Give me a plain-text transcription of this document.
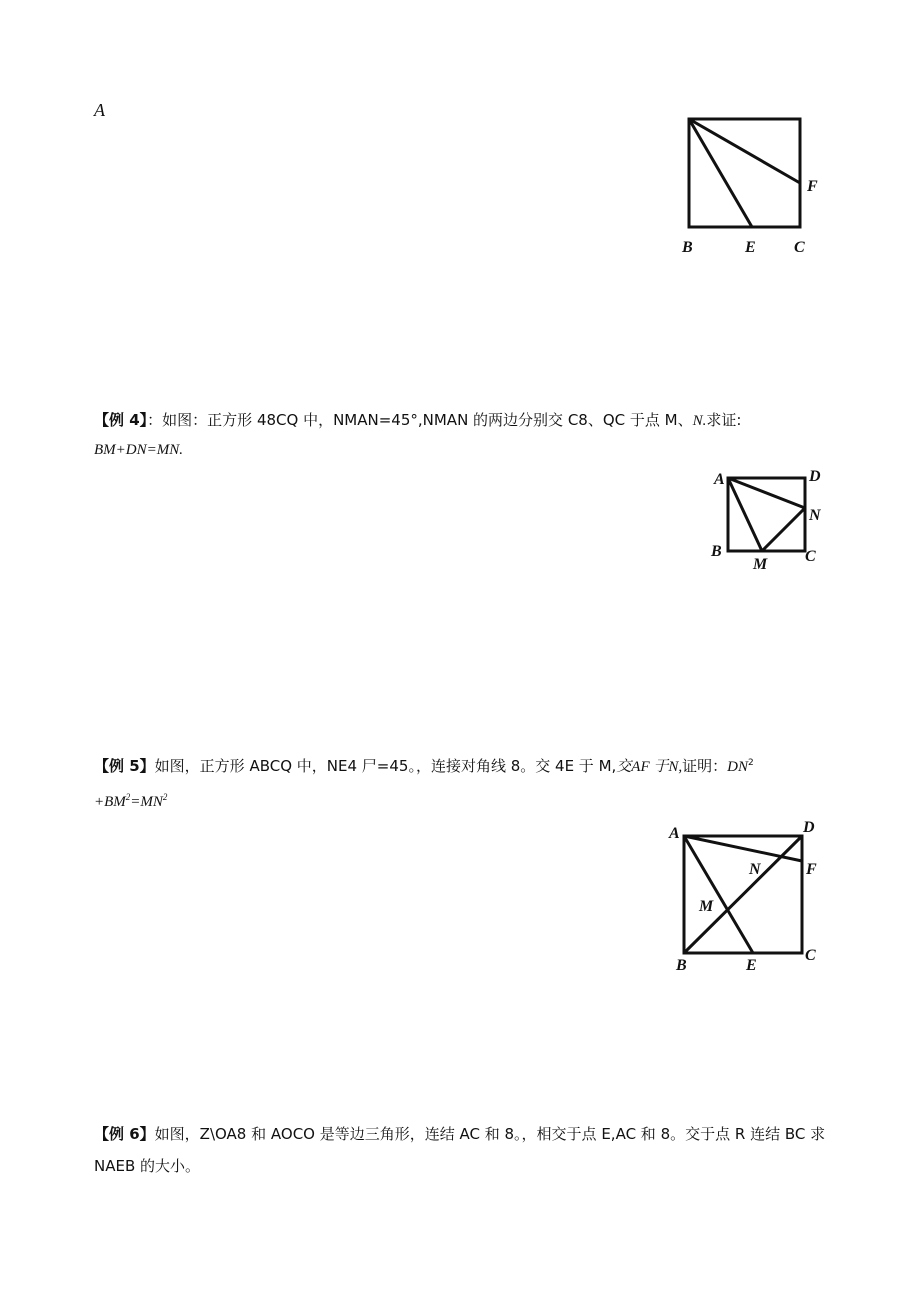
A
F
B	E C
【例 4】：如图：正方形 48CQ 中，NMAN=45°,NMAN 的两边分别交 C8、QC 于点 M、N.求证:
BM+DN=MN.
A	D
N
B
M C
【例 5】如图，正方形 ABCQ 中，NE4 尸=45。，连接对角线 8。交 4E 于 M,交AF 于N,证明：$DN^2$
$+BM^2=MN^2$
A	D
N	F
M
B	E
C
【例 6】如图，Z\OA8 和 AOCO 是等边三角形，连结 AC 和 8。，相交于点 E,AC 和 8。交于点 R 连结 BC 求
NAEB 的大小。
